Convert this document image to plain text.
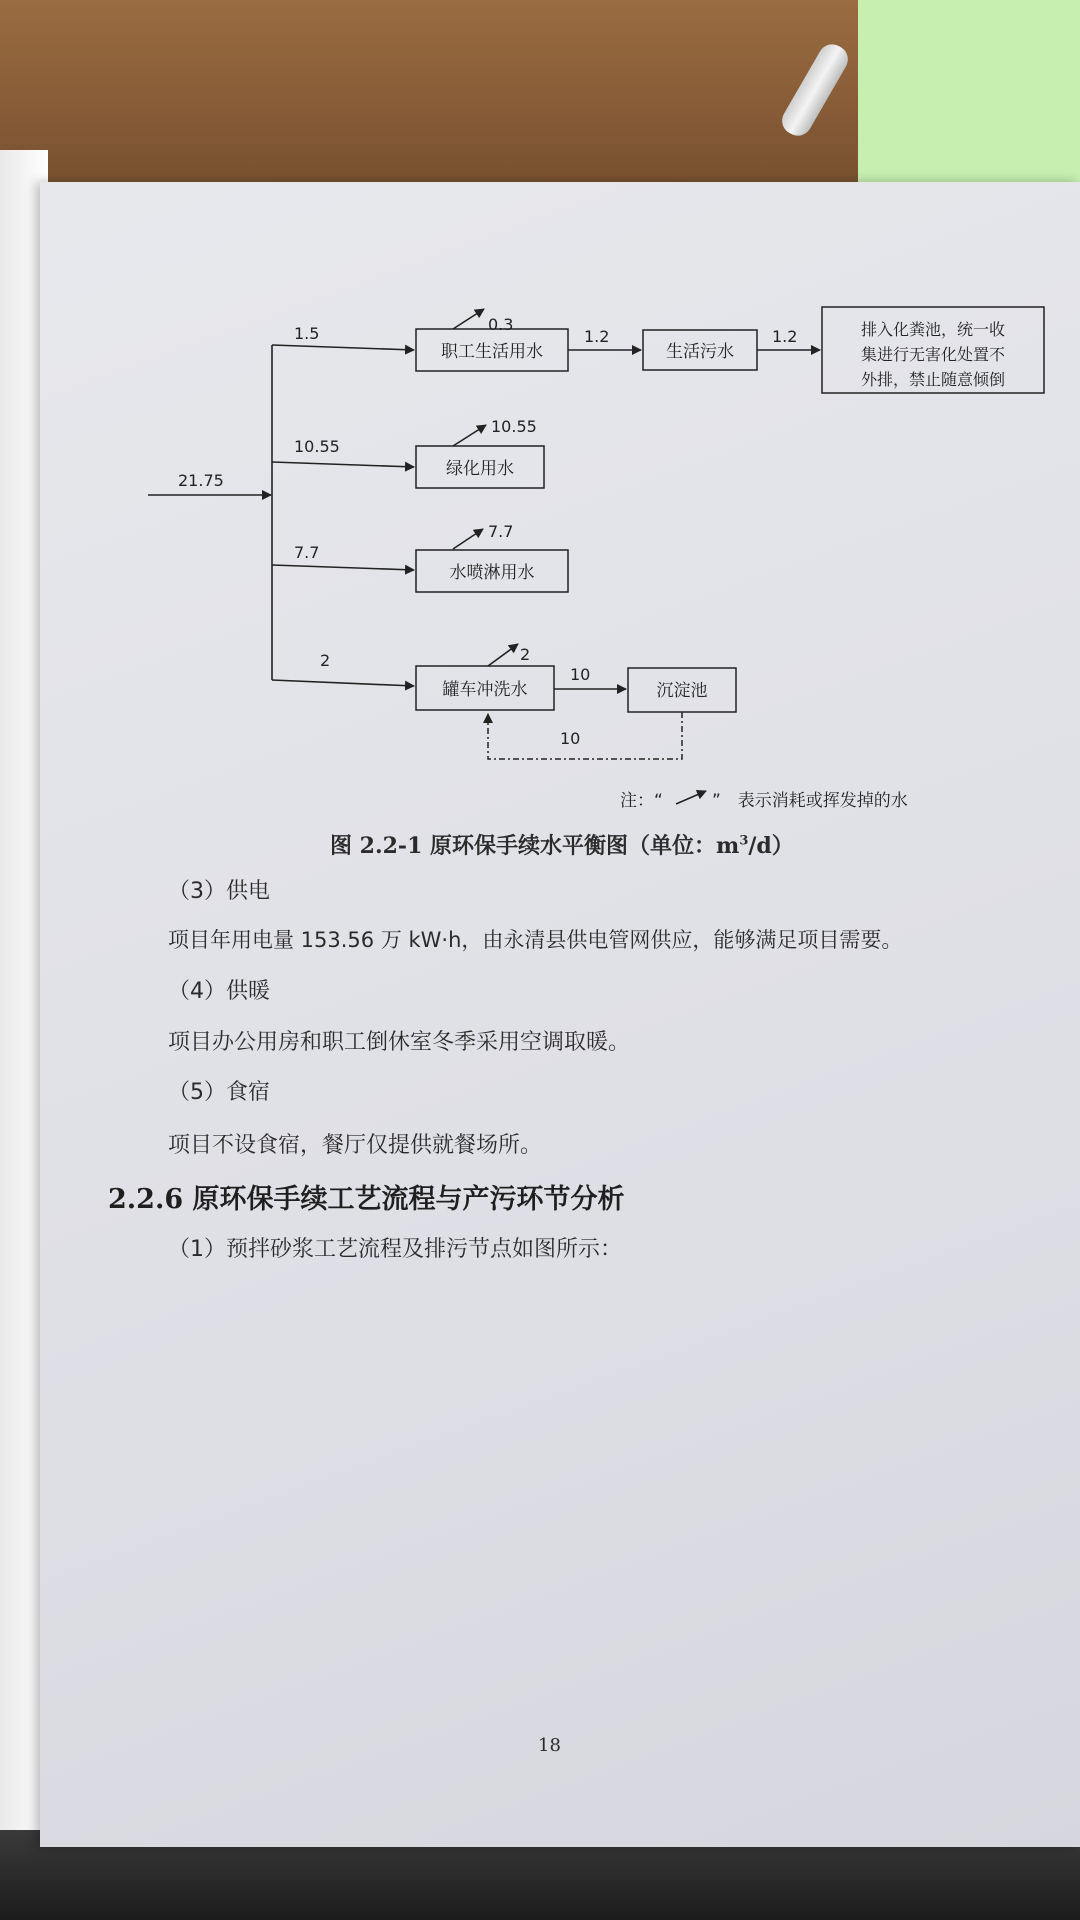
21.75
1.5
职工生活用水
0.3
1.2
生活污水
1.2	排入化粪池，统一收
集进行无害化处置不
外排，禁止随意倾倒
10.55
绿化用水
10.55
7.7
水喷淋用水
7.7
2
罐车冲洗水
2
10
沉淀池
10
注：“	”　表示消耗或挥发掉的水
图 2.2-1 原环保手续水平衡图（单位：$m^3/d$）
（3）供电
项目年用电量 153.56 万 kW·h，由永清县供电管网供应，能够满足项目需要。
（4）供暖
项目办公用房和职工倒休室冬季采用空调取暖。
（5）食宿
项目不设食宿，餐厅仅提供就餐场所。
2.2.6 原环保手续工艺流程与产污环节分析
（1）预拌砂浆工艺流程及排污节点如图所示：
18
